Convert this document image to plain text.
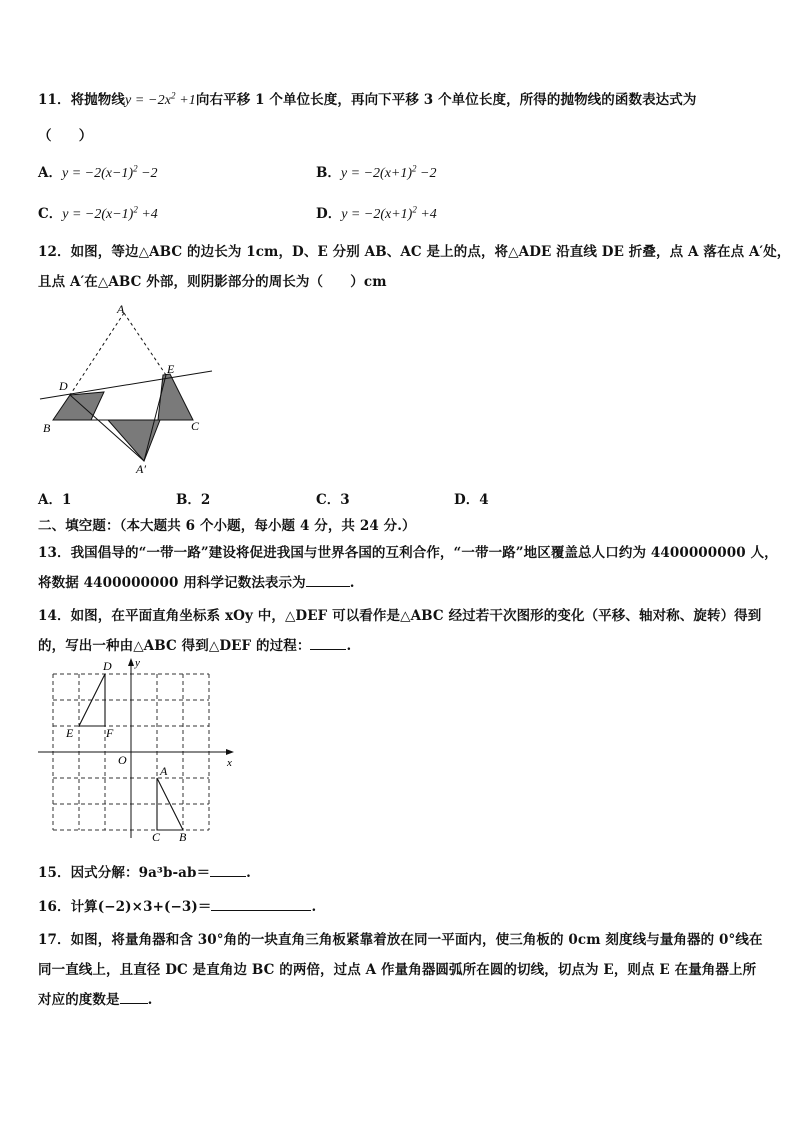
11．将抛物线$y = -2x^2 +1$向右平移 1 个单位长度，再向下平移 3 个单位长度，所得的抛物线的函数表达式为
（　　）
A．$y = -2(x-1)^2 -2$	B．$y = -2(x+1)^2 -2$
C．$y = -2(x-1)^2 +4$	D．$y = -2(x+1)^2 +4$
12．如图，等边△ABC 的边长为 1cm，D、E 分别 AB、AC 是上的点，将△ADE 沿直线 DE 折叠，点 A 落在点 A′处，
且点 A′在△ABC 外部，则阴影部分的周长为（　　）cm
A
D
E
B	C
A′
A．1	B．2	C．3	D．4
二、填空题：（本大题共 6 个小题，每小题 4 分，共 24 分.）
13．我国倡导的“一带一路”建设将促进我国与世界各国的互利合作，“一带一路”地区覆盖总人口约为 4400000000 人，
将数据 4400000000 用科学记数法表示为	.
14．如图，在平面直角坐标系 xOy 中，△DEF 可以看作是△ABC 经过若干次图形的变化（平移、轴对称、旋转）得到
的，写出一种由△ABC 得到△DEF 的过程：	.
y
x
O
D
E	F
A
C B
15．因式分解：9a³b-ab＝	.
16．计算(−2)×3+(−3)＝	.
17．如图，将量角器和含 30°角的一块直角三角板紧靠着放在同一平面内，使三角板的 0cm 刻度线与量角器的 0°线在
同一直线上，且直径 DC 是直角边 BC 的两倍，过点 A 作量角器圆弧所在圆的切线，切点为 E，则点 E 在量角器上所
对应的度数是 .
